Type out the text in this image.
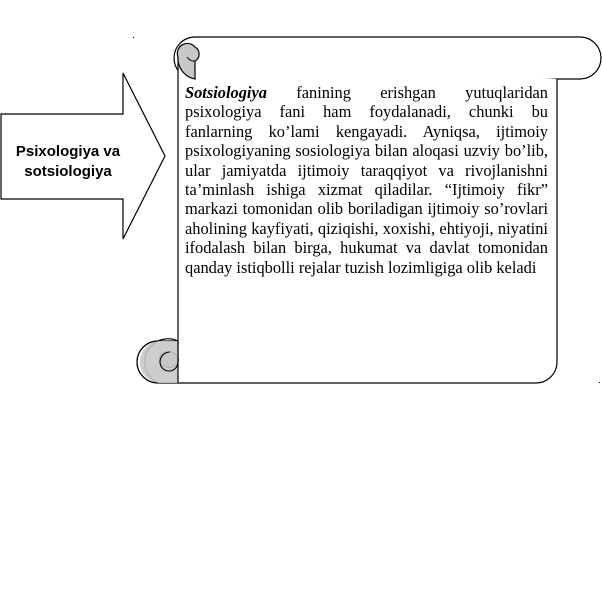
Psixologiya va
sotsiologiya
Sotsiologiya fanining erishgan yutuqlaridan psixologiya fani ham foydalanadi, chunki bu fanlarning ko’lami kengayadi. Ayniqsa, ijtimoiy psixologiyaning sosiologiya bilan aloqasi uzviy bo’lib, ular jamiyatda ijtimoiy taraqqiyot va rivojlanishni ta’minlash ishiga xizmat qiladilar. “Ijtimoiy fikr” markazi tomonidan olib boriladigan ijtimoiy so’rovlari aholining kayfiyati, qiziqishi, xoxishi, ehtiyoji, niyatini ifodalash bilan birga, hukumat va davlat tomonidan qanday istiqbolli rejalar tuzish lozimligiga olib keladi
